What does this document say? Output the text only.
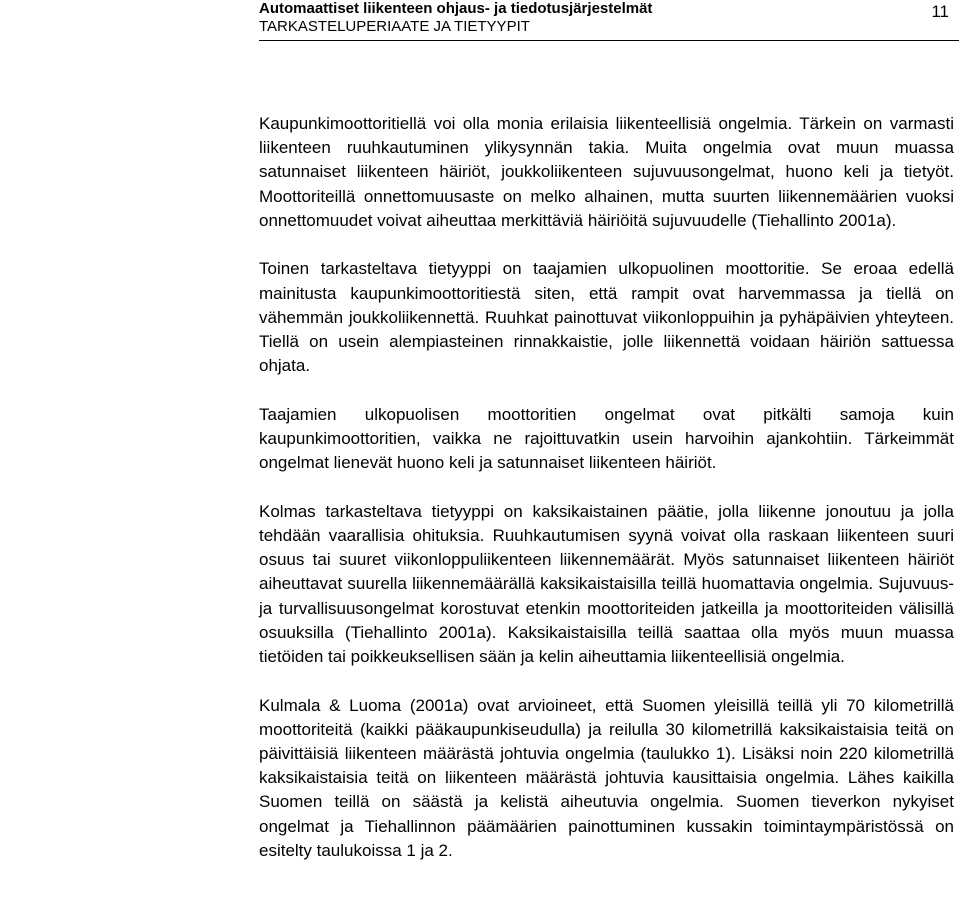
Automaattiset liikenteen ohjaus- ja tiedotusjärjestelmät
TARKASTELUPERIAATE JA TIETYYPIT
11

Kaupunkimoottoritiellä voi olla monia erilaisia liikenteellisiä ongelmia. Tärkein on varmasti liikenteen ruuhkautuminen ylikysynnän takia. Muita ongelmia ovat muun muassa satunnaiset liikenteen häiriöt, joukkoliikenteen sujuvuusongelmat, huono keli ja tietyöt. Moottoriteillä onnettomuusaste on melko alhainen, mutta suurten liikennemäärien vuoksi onnettomuudet voivat aiheuttaa merkittäviä häiriöitä sujuvuudelle (Tiehallinto 2001a).

Toinen tarkasteltava tietyyppi on taajamien ulkopuolinen moottoritie. Se eroaa edellä mainitusta kaupunkimoottoritiestä siten, että rampit ovat harvemmassa ja tiellä on vähemmän joukkoliikennettä. Ruuhkat painottuvat viikonloppuihin ja pyhäpäivien yhteyteen. Tiellä on usein alempiasteinen rinnakkaistie, jolle liikennettä voidaan häiriön sattuessa ohjata.

Taajamien ulkopuolisen moottoritien ongelmat ovat pitkälti samoja kuin kaupunkimoottoritien, vaikka ne rajoittuvatkin usein harvoihin ajankohtiin. Tärkeimmät ongelmat lienevät huono keli ja satunnaiset liikenteen häiriöt.

Kolmas tarkasteltava tietyyppi on kaksikaistainen päätie, jolla liikenne jonoutuu ja jolla tehdään vaarallisia ohituksia. Ruuhkautumisen syynä voivat olla raskaan liikenteen suuri osuus tai suuret viikonloppuliikenteen liikennemäärät. Myös satunnaiset liikenteen häiriöt aiheuttavat suurella liikennemäärällä kaksikaistaisilla teillä huomattavia ongelmia. Sujuvuus- ja turvallisuusongelmat korostuvat etenkin moottoriteiden jatkeilla ja moottoriteiden välisillä osuuksilla (Tiehallinto 2001a). Kaksikaistaisilla teillä saattaa olla myös muun muassa tietöiden tai poikkeuksellisen sään ja kelin aiheuttamia liikenteellisiä ongelmia.

Kulmala & Luoma (2001a) ovat arvioineet, että Suomen yleisillä teillä yli 70 kilometrillä moottoriteitä (kaikki pääkaupunkiseudulla) ja reilulla 30 kilometrillä kaksikaistaisia teitä on päivittäisiä liikenteen määrästä johtuvia ongelmia (taulukko 1). Lisäksi noin 220 kilometrillä kaksikaistaisia teitä on liikenteen määrästä johtuvia kausittaisia ongelmia. Lähes kaikilla Suomen teillä on säästä ja kelistä aiheutuvia ongelmia. Suomen tieverkon nykyiset ongelmat ja Tiehallinnon päämäärien painottuminen kussakin toimintaympäristössä on esitelty taulukoissa 1 ja 2.
